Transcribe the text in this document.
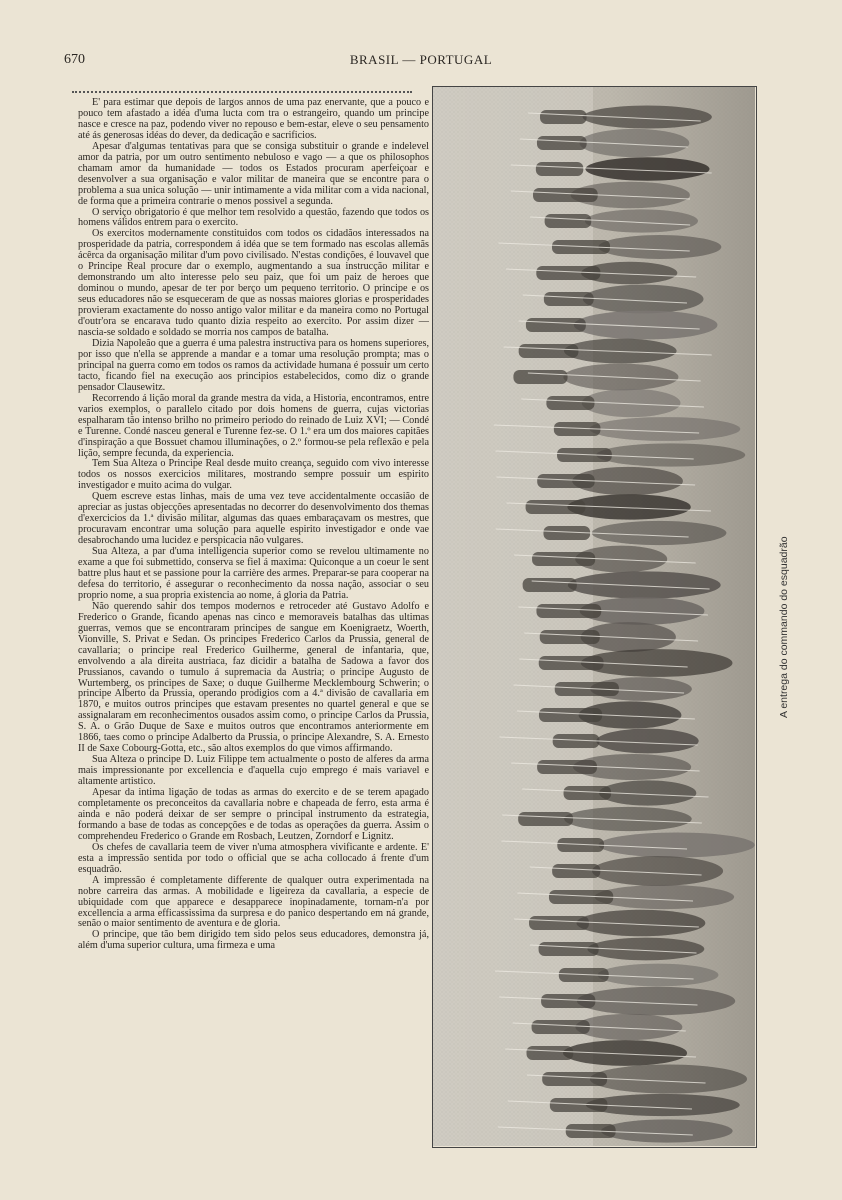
670	BRASIL — PORTUGAL

E' para estimar que depois de largos annos de uma paz enervante, que a pouco e pouco tem afastado a idéa d'uma lucta com tra o estrangeiro, quando um principe nasce e cresce na paz, podendo viver no repouso e bem-estar, eleve o seu pensamento até ás generosas idéas do dever, da dedicação e sacrificios.

Apesar d'algumas tentativas para que se consiga substituir o grande e indelevel amor da patria, por um outro sentimento nebuloso e vago — a que os philosophos chamam amor da humanidade — todos os Estados procuram aperfeiçoar e desenvolver a sua organisação e valor militar de maneira que se encontre para o problema a sua unica solução — unir intimamente a vida militar com a vida nacional, de forma que a primeira contrarie o menos possivel a segunda.

O serviço obrigatorio é que melhor tem resolvido a questão, fazendo que todos os homens válidos entrem para o exercito.

Os exercitos modernamente constituidos com todos os cidadãos interessados na prosperidade da patria, correspondem á idéa que se tem formado nas escolas allemãs ácêrca da organisação militar d'um povo civilisado. N'estas condições, é louvavel que o Principe Real procure dar o exemplo, augmentando a sua instrucção militar e demonstrando um alto interesse pelo seu paiz, que foi um paiz de heroes que dominou o mundo, apesar de ter por berço um pequeno territorio. O principe e os seus educadores não se esqueceram de que as nossas maiores glorias e prosperidades provieram exactamente do nosso antigo valor militar e da maneira como no Portugal d'outr'ora se encarava tudo quanto dizia respeito ao exercito. Por assim dizer — nascia-se soldado e soldado se morria nos campos de batalha.

Dizia Napoleão que a guerra é uma palestra instructiva para os homens superiores, por isso que n'ella se apprende a mandar e a tomar uma resolução prompta; mas o principal na guerra como em todos os ramos da actividade humana é possuir um certo tacto, ficando fiel na execução aos principios estabelecidos, como diz o grande pensador Clausewitz.

Recorrendo á lição moral da grande mestra da vida, a Historia, encontramos, entre varios exemplos, o parallelo citado por dois homens de guerra, cujas victorias espalharam tão intenso brilho no primeiro periodo do reinado de Luiz XVI; — Condé e Turenne. Condé nasceu general e Turenne fez-se. O 1.º era um dos maiores capitães d'inspiração a que Bossuet chamou illuminações, o 2.º formou-se pela reflexão e pela lição, sempre fecunda, da experiencia.

Tem Sua Alteza o Principe Real desde muito creança, seguido com vivo interesse todos os nossos exercicios militares, mostrando sempre possuir um espirito investigador e muito acima do vulgar.

Quem escreve estas linhas, mais de uma vez teve accidentalmente occasião de apreciar as justas objecções apresentadas no decorrer do desenvolvimento dos themas d'exercicios da 1.ª divisão militar, algumas das quaes embaraçavam os mestres, que procuravam encontrar uma solução para aquelle espirito investigador e onde vae desabrochando uma lucidez e perspicacia não vulgares.

Sua Alteza, a par d'uma intelligencia superior como se revelou ultimamente no exame a que foi submettido, conserva se fiel á maxima: Quiconque a un coeur le sent battre plus haut et se passione pour la carrière des armes. Preparar-se para cooperar na defesa do territorio, é assegurar o reconhecimento da nossa nação, associar o seu proprio nome, a sua propria existencia ao nome, á gloria da Patria.

Não querendo sahir dos tempos modernos e retroceder até Gustavo Adolfo e Frederico o Grande, ficando apenas nas cinco e memoraveis batalhas das ultimas guerras, vemos que se encontraram principes de sangue em Koenigraetz, Woerth, Vionville, S. Privat e Sedan. Os principes Frederico Carlos da Prussia, general de cavallaria; o principe real Frederico Guilherme, general de infantaria, que, envolvendo a ala direita austriaca, faz dicidir a batalha de Sadowa a favor dos Prussianos, cavando o tumulo á supremacia da Austria; o principe Augusto de Wurtemberg, os principes de Saxe; o duque Guilherme Mecklembourg Schwerin; o principe Alberto da Prussia, operando prodigios com a 4.ª divisão de cavallaria em 1870, e muitos outros principes que estavam presentes no quartel general e que se assignalaram em reconhecimentos ousados assim como, o principe Carlos da Prussia, S. A. o Grão Duque de Saxe e muitos outros que encontramos anteriormente em 1866, taes como o principe Adalberto da Prussia, o principe Alexandre, S. A. Ernesto II de Saxe Cobourg-Gotta, etc., são altos exemplos do que vimos affirmando.

Sua Alteza o principe D. Luiz Filippe tem actualmente o posto de alferes da arma mais impressionante por excellencia e d'aquella cujo emprego é mais variavel e altamente artistico.

Apesar da intima ligação de todas as armas do exercito e de se terem apagado completamente os preconceitos da cavallaria nobre e chapeada de ferro, esta arma é ainda e não poderá deixar de ser sempre o principal instrumento da estrategia, formando a base de todas as concepções e de todas as operações da guerra. Assim o comprehendeu Frederico o Grande em Rosbach, Leutzen, Zorndorf e Lignitz.

Os chefes de cavallaria teem de viver n'uma atmosphera vivificante e ardente. E' esta a impressão sentida por todo o official que se acha collocado á frente d'um esquadrão.

A impressão é completamente differente de qualquer outra experimentada na nobre carreira das armas. A mobilidade e ligeireza da cavallaria, a especie de ubiquidade com que apparece e desapparece inopinadamente, tornam-n'a por excellencia a arma efficassissima da surpresa e do panico despertando em ná grande, senão o maior sentimento de aventura e de gloria.

O principe, que tão bem dirigido tem sido pelos seus educadores, demonstra já, além d'uma superior cultura, uma firmeza e uma

A entrega do commando do esquadrão
